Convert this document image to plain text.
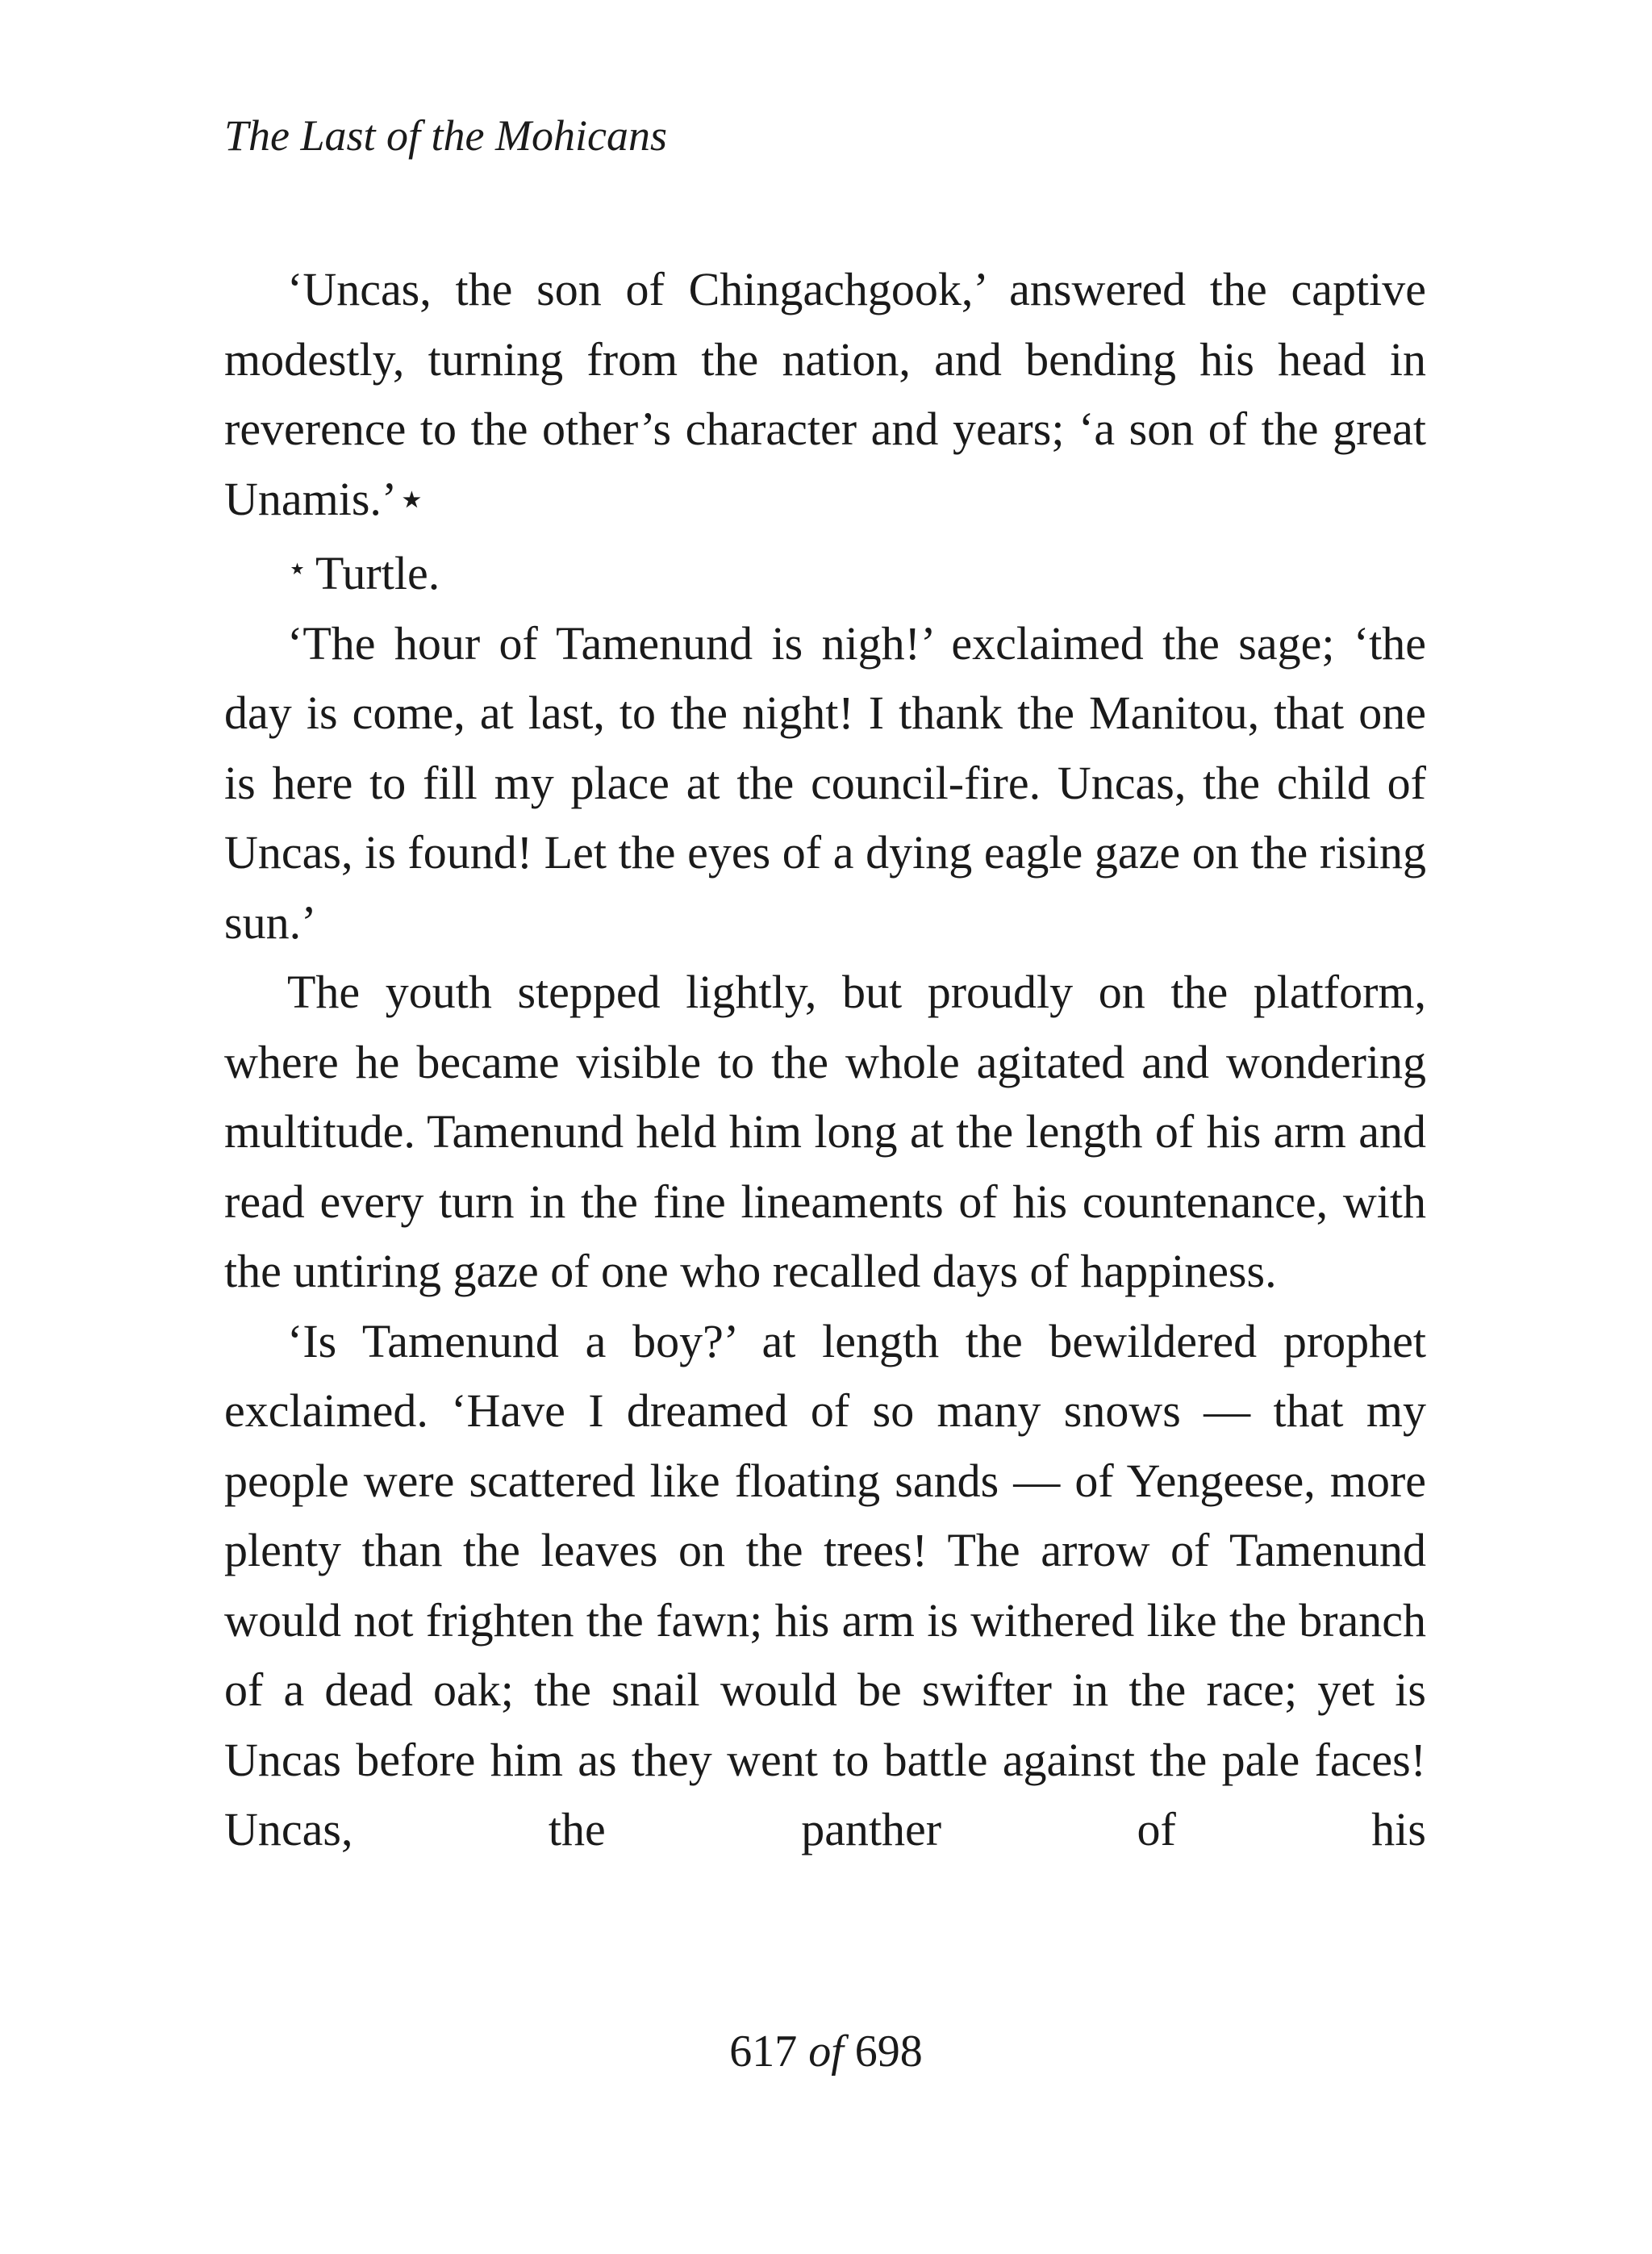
The Last of the Mohicans

‘Uncas, the son of Chingachgook,’ answered the captive modestly, turning from the nation, and bending his head in reverence to the other’s character and years; ‘a son of the great Unamis.’⋆

⋆ Turtle.

‘The hour of Tamenund is nigh!’ exclaimed the sage; ‘the day is come, at last, to the night! I thank the Manitou, that one is here to fill my place at the council-fire. Uncas, the child of Uncas, is found! Let the eyes of a dying eagle gaze on the rising sun.’

The youth stepped lightly, but proudly on the platform, where he became visible to the whole agitated and wondering multitude. Tamenund held him long at the length of his arm and read every turn in the fine lineaments of his countenance, with the untiring gaze of one who recalled days of happiness.

‘Is Tamenund a boy?’ at length the bewildered prophet exclaimed. ‘Have I dreamed of so many snows — that my people were scattered like floating sands — of Yengeese, more plenty than the leaves on the trees! The arrow of Tamenund would not frighten the fawn; his arm is withered like the branch of a dead oak; the snail would be swifter in the race; yet is Uncas before him as they went to battle against the pale faces! Uncas, the panther of his

617 of 698
